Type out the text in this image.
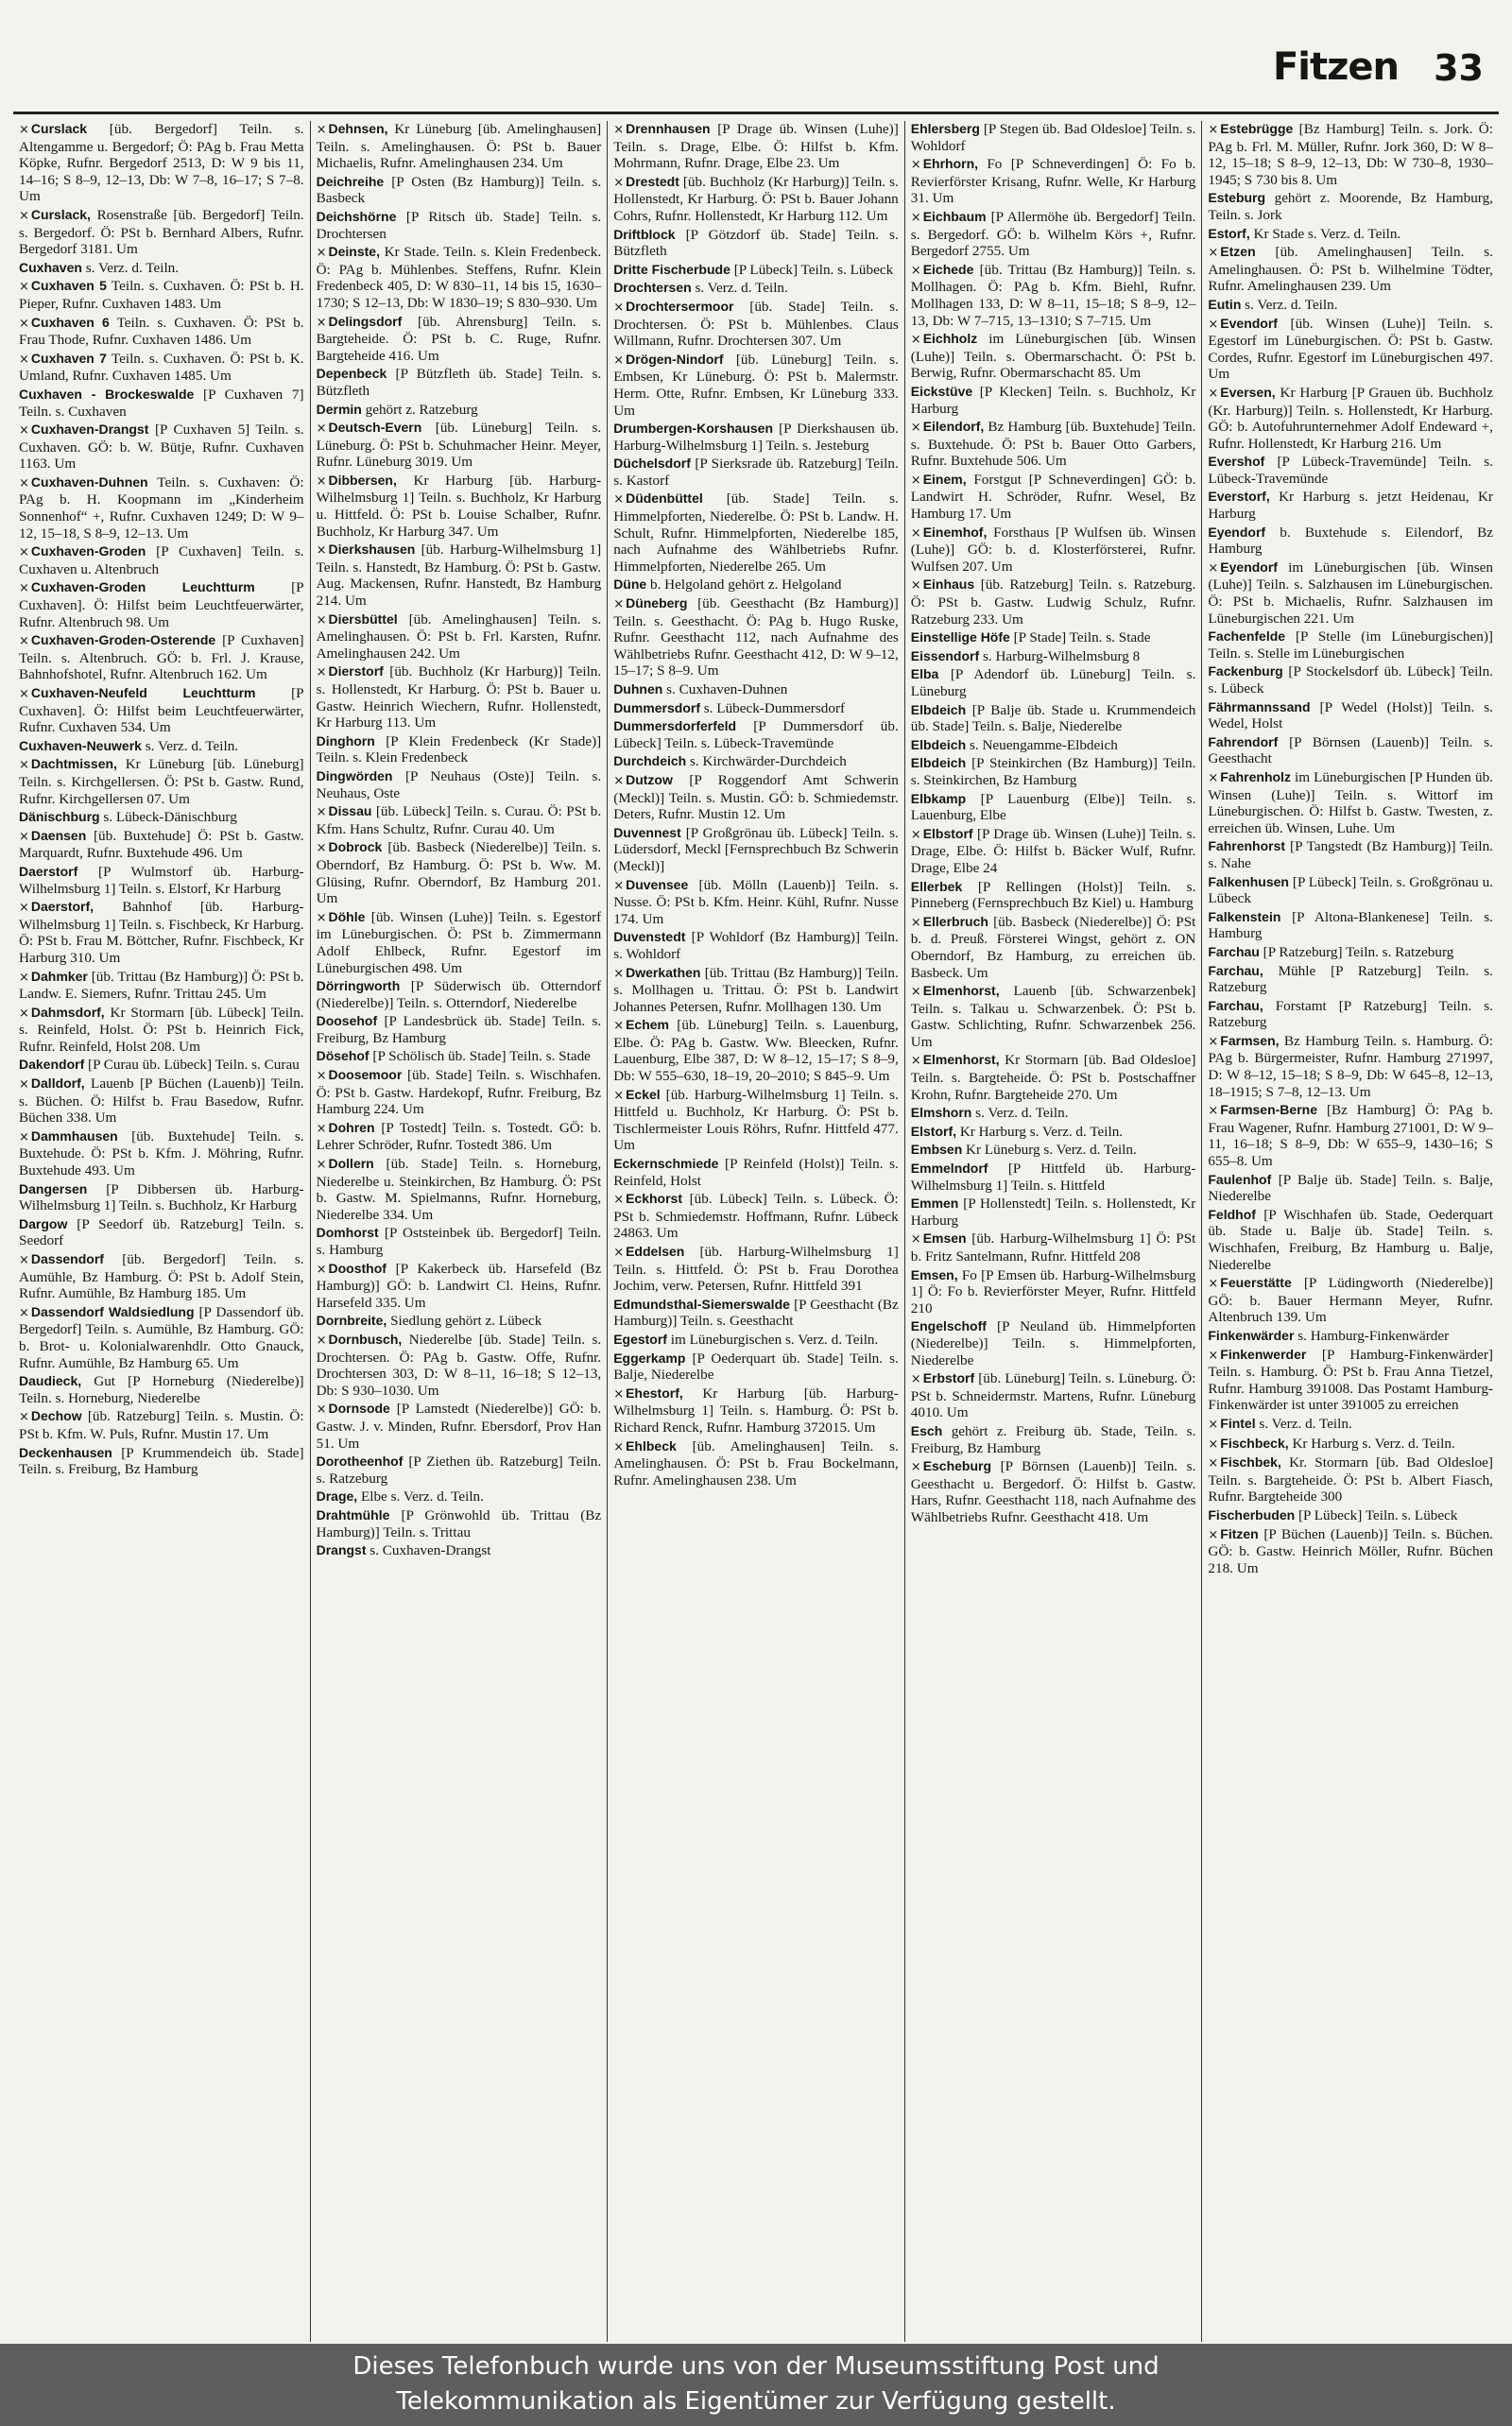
Fitzen 33

× Curslack [üb. Bergedorf] Teiln. s. Altengamme u. Bergedorf; Ö: PAg b. Frau Metta Köpke, Rufnr. Bergedorf 2513, D: W 9 bis 11, 14–16; S 8–9, 12–13, Db: W 7–8, 16–17; S 7–8. Um

× Curslack, Rosenstraße [üb. Bergedorf] Teiln. s. Bergedorf. Ö: PSt b. Bernhard Albers, Rufnr. Bergedorf 3181. Um

Cuxhaven s. Verz. d. Teiln.

× Cuxhaven 5 Teiln. s. Cuxhaven. Ö: PSt b. H. Pieper, Rufnr. Cuxhaven 1483. Um

× Cuxhaven 6 Teiln. s. Cuxhaven. Ö: PSt b. Frau Thode, Rufnr. Cuxhaven 1486. Um

× Cuxhaven 7 Teiln. s. Cuxhaven. Ö: PSt b. K. Umland, Rufnr. Cuxhaven 1485. Um

Cuxhaven - Brockeswalde [P Cuxhaven 7] Teiln. s. Cuxhaven

× Cuxhaven-Drangst [P Cuxhaven 5] Teiln. s. Cuxhaven. GÖ: b. W. Bütje, Rufnr. Cuxhaven 1163. Um

× Cuxhaven-Duhnen Teiln. s. Cuxhaven: Ö: PAg b. H. Koopmann im „Kinderheim Sonnenhof“ +, Rufnr. Cuxhaven 1249; D: W 9–12, 15–18, S 8–9, 12–13. Um

× Cuxhaven-Groden [P Cuxhaven] Teiln. s. Cuxhaven u. Altenbruch

× Cuxhaven-Groden Leuchtturm	[P Cuxhaven]. Ö: Hilfst beim Leuchtfeuerwärter, Rufnr. Altenbruch 98. Um

× Cuxhaven-Groden-Osterende [P Cuxhaven] Teiln. s. Altenbruch. GÖ: b. Frl. J. Krause, Bahnhofshotel, Rufnr. Altenbruch 162. Um

× Cuxhaven-Neufeld Leuchtturm [P Cuxhaven]. Ö: Hilfst beim Leuchtfeuerwärter, Rufnr. Cuxhaven 534. Um

Cuxhaven-Neuwerk s. Verz. d. Teiln.

× Dachtmissen, Kr Lüneburg [üb. Lüneburg] Teiln. s. Kirchgellersen. Ö: PSt b. Gastw. Rund, Rufnr. Kirchgellersen 07. Um

Dänischburg s. Lübeck-Dänischburg

× Daensen [üb. Buxtehude] Ö: PSt b. Gastw. Marquardt, Rufnr. Buxtehude 496. Um

Daerstorf [P Wulmstorf üb. Harburg-Wilhelmsburg 1] Teiln. s. Elstorf, Kr Harburg

× Daerstorf, Bahnhof [üb. Harburg-Wilhelmsburg 1] Teiln. s. Fischbeck, Kr Harburg. Ö: PSt b. Frau M. Böttcher, Rufnr. Fischbeck, Kr Harburg 310. Um

× Dahmker [üb. Trittau (Bz Hamburg)] Ö: PSt b. Landw. E. Siemers, Rufnr. Trittau 245. Um

× Dahmsdorf, Kr Stormarn [üb. Lübeck] Teiln. s. Reinfeld, Holst. Ö: PSt b. Heinrich Fick, Rufnr. Reinfeld, Holst 208. Um

Dakendorf [P Curau üb. Lübeck] Teiln. s. Curau

× Dalldorf, Lauenb [P Büchen (Lauenb)] Teiln. s. Büchen. Ö: Hilfst b. Frau Basedow, Rufnr. Büchen 338. Um

× Dammhausen [üb. Buxtehude] Teiln. s. Buxtehude. Ö: PSt b. Kfm. J. Möhring, Rufnr. Buxtehude 493. Um

Dangersen [P Dibbersen üb. Harburg-Wilhelmsburg 1] Teiln. s. Buchholz, Kr Harburg

Dargow [P Seedorf üb. Ratzeburg] Teiln. s. Seedorf

× Dassendorf [üb. Bergedorf] Teiln. s. Aumühle, Bz Hamburg. Ö: PSt b. Adolf Stein, Rufnr. Aumühle, Bz Hamburg 185. Um

× Dassendorf Waldsiedlung [P Dassendorf üb. Bergedorf] Teiln. s. Aumühle, Bz Hamburg. GÖ: b. Brot- u. Kolonialwarenhdlr. Otto Gnauck, Rufnr. Aumühle, Bz Hamburg 65. Um

Daudieck, Gut [P Horneburg (Niederelbe)] Teiln. s. Horneburg, Niederelbe

× Dechow [üb. Ratzeburg] Teiln. s. Mustin. Ö: PSt b. Kfm. W. Puls, Rufnr. Mustin 17. Um

Deckenhausen [P Krummendeich üb. Stade] Teiln. s. Freiburg, Bz Hamburg

× Dehnsen, Kr Lüneburg [üb. Amelinghausen] Teiln. s. Amelinghausen. Ö: PSt b. Bauer Michaelis, Rufnr. Amelinghausen 234. Um

Deichreihe [P Osten (Bz Hamburg)] Teiln. s. Basbeck

Deichshörne [P Ritsch üb. Stade] Teiln. s. Drochtersen

× Deinste, Kr Stade. Teiln. s. Klein Fredenbeck. Ö: PAg b. Mühlenbes. Steffens, Rufnr. Klein Fredenbeck 405, D: W 830–11, 14 bis 15, 1630–1730; S 12–13, Db: W 1830–19; S 830–930. Um

× Delingsdorf [üb. Ahrensburg] Teiln. s. Bargteheide. Ö: PSt b. C. Ruge, Rufnr. Bargteheide 416. Um

Depenbeck [P Bützfleth üb. Stade] Teiln. s. Bützfleth

Dermin gehört z. Ratzeburg

× Deutsch-Evern [üb. Lüneburg] Teiln. s. Lüneburg. Ö: PSt b. Schuhmacher Heinr. Meyer, Rufnr. Lüneburg 3019. Um

× Dibbersen, Kr Harburg [üb. Harburg-Wilhelmsburg 1] Teiln. s. Buchholz, Kr Harburg u. Hittfeld. Ö: PSt b. Louise Schalber, Rufnr. Buchholz, Kr Harburg 347. Um

× Dierkshausen [üb. Harburg-Wilhelmsburg 1] Teiln. s. Hanstedt, Bz Hamburg. Ö: PSt b. Gastw. Aug. Mackensen, Rufnr. Hanstedt, Bz Hamburg 214. Um

× Diersbüttel [üb. Amelinghausen] Teiln. s. Amelinghausen. Ö: PSt b. Frl. Karsten, Rufnr. Amelinghausen 242. Um

× Dierstorf [üb. Buchholz (Kr Harburg)] Teiln. s. Hollenstedt, Kr Harburg. Ö: PSt b. Bauer u. Gastw. Heinrich Wiechern, Rufnr. Hollenstedt, Kr Harburg 113. Um

Dinghorn [P Klein Fredenbeck (Kr Stade)] Teiln. s. Klein Fredenbeck

Dingwörden [P Neuhaus (Oste)] Teiln. s. Neuhaus, Oste

× Dissau [üb. Lübeck] Teiln. s. Curau. Ö: PSt b. Kfm. Hans Schultz, Rufnr. Curau 40. Um

× Dobrock [üb. Basbeck (Niederelbe)] Teiln. s. Oberndorf, Bz Hamburg. Ö: PSt b. Ww. M. Glüsing, Rufnr. Oberndorf, Bz Hamburg 201. Um

× Döhle [üb. Winsen (Luhe)] Teiln. s. Egestorf im Lüneburgischen. Ö: PSt b. Zimmermann Adolf Ehlbeck, Rufnr. Egestorf im Lüneburgischen 498. Um

Dörringworth [P Süderwisch üb. Otterndorf (Niederelbe)] Teiln. s. Otterndorf, Niederelbe

Doosehof [P Landesbrück üb. Stade] Teiln. s. Freiburg, Bz Hamburg

Dösehof [P Schölisch üb. Stade] Teiln. s. Stade

× Doosemoor [üb. Stade] Teiln. s. Wischhafen. Ö: PSt b. Gastw. Hardekopf, Rufnr. Freiburg, Bz Hamburg 224. Um

× Dohren [P Tostedt] Teiln. s. Tostedt. GÖ: b. Lehrer Schröder, Rufnr. Tostedt 386. Um

× Dollern [üb. Stade] Teiln. s. Horneburg, Niederelbe u. Steinkirchen, Bz Hamburg. Ö: PSt b. Gastw. M. Spielmanns, Rufnr. Horneburg, Niederelbe 334. Um

Domhorst [P Oststeinbek üb. Bergedorf] Teiln. s. Hamburg

× Doosthof [P Kakerbeck üb. Harsefeld (Bz Hamburg)] GÖ: b. Landwirt Cl. Heins, Rufnr. Harsefeld 335. Um

Dornbreite, Siedlung gehört z. Lübeck

× Dornbusch, Niederelbe [üb. Stade] Teiln. s. Drochtersen. Ö: PAg b. Gastw. Offe, Rufnr. Drochtersen 303, D: W 8–11, 16–18; S 12–13, Db: S 930–1030. Um

× Dornsode [P Lamstedt (Niederelbe)] GÖ: b. Gastw. J. v. Minden, Rufnr. Ebersdorf, Prov Han 51. Um

Dorotheenhof [P Ziethen üb. Ratzeburg] Teiln. s. Ratzeburg

Drage, Elbe s. Verz. d. Teiln.

Drahtmühle [P Grönwohld üb. Trittau (Bz Hamburg)] Teiln. s. Trittau

Drangst s. Cuxhaven-Drangst

× Drennhausen [P Drage üb. Winsen (Luhe)] Teiln. s. Drage, Elbe. Ö: Hilfst b. Kfm. Mohrmann, Rufnr. Drage, Elbe 23. Um

× Drestedt [üb. Buchholz (Kr Harburg)] Teiln. s. Hollenstedt, Kr Harburg. Ö: PSt b. Bauer Johann Cohrs, Rufnr. Hollenstedt, Kr Harburg 112. Um

Driftblock [P Götzdorf üb. Stade] Teiln. s. Bützfleth

Dritte Fischerbude [P Lübeck] Teiln. s. Lübeck

Drochtersen s. Verz. d. Teiln.

× Drochtersermoor [üb. Stade] Teiln. s. Drochtersen. Ö: PSt b. Mühlenbes. Claus Willmann, Rufnr. Drochtersen 307. Um

× Drögen-Nindorf [üb. Lüneburg] Teiln. s. Embsen, Kr Lüneburg. Ö: PSt b. Malermstr. Herm. Otte, Rufnr. Embsen, Kr Lüneburg 333. Um

Drumbergen-Korshausen [P Dierkshausen üb. Harburg-Wilhelmsburg 1] Teiln. s. Jesteburg

Düchelsdorf [P Sierksrade üb. Ratzeburg] Teiln. s. Kastorf

× Düdenbüttel [üb. Stade] Teiln. s. Himmelpforten, Niederelbe. Ö: PSt b. Landw. H. Schult, Rufnr. Himmelpforten, Niederelbe 185, nach Aufnahme des Wählbetriebs Rufnr. Himmelpforten, Niederelbe 265. Um

Düne b. Helgoland gehört z. Helgoland

× Düneberg [üb. Geesthacht (Bz Hamburg)] Teiln. s. Geesthacht. Ö: PAg b. Hugo Ruske, Rufnr. Geesthacht 112, nach Aufnahme des Wählbetriebs Rufnr. Geesthacht 412, D: W 9–12, 15–17; S 8–9. Um

Duhnen s. Cuxhaven-Duhnen

Dummersdorf s. Lübeck-Dummersdorf

Dummersdorferfeld [P Dummersdorf üb. Lübeck] Teiln. s. Lübeck-Travemünde

Durchdeich s. Kirchwärder-Durchdeich

× Dutzow [P Roggendorf Amt Schwerin (Meckl)] Teiln. s. Mustin. GÖ: b. Schmiedemstr. Deters, Rufnr. Mustin 12. Um

Duvennest [P Großgrönau üb. Lübeck] Teiln. s. Lüdersdorf, Meckl [Fernsprechbuch Bz Schwerin (Meckl)]

× Duvensee [üb. Mölln (Lauenb)] Teiln. s. Nusse. Ö: PSt b. Kfm. Heinr. Kühl, Rufnr. Nusse 174. Um

Duvenstedt [P Wohldorf (Bz Hamburg)] Teiln. s. Wohldorf

× Dwerkathen [üb. Trittau (Bz Hamburg)] Teiln. s. Mollhagen u. Trittau. Ö: PSt b. Landwirt Johannes Petersen, Rufnr. Mollhagen 130. Um

× Echem [üb. Lüneburg] Teiln. s. Lauenburg, Elbe. Ö: PAg b. Gastw. Ww. Bleecken, Rufnr. Lauenburg, Elbe 387, D: W 8–12, 15–17; S 8–9, Db: W 555–630, 18–19, 20–2010; S 845–9. Um

× Eckel [üb. Harburg-Wilhelmsburg 1] Teiln. s. Hittfeld u. Buchholz, Kr Harburg. Ö: PSt b. Tischlermeister Louis Röhrs, Rufnr. Hittfeld 477. Um

Eckernschmiede [P Reinfeld (Holst)] Teiln. s. Reinfeld, Holst

× Eckhorst [üb. Lübeck] Teiln. s. Lübeck. Ö: PSt b. Schmiedemstr. Hoffmann, Rufnr. Lübeck 24863. Um

× Eddelsen [üb. Harburg-Wilhelmsburg 1] Teiln. s. Hittfeld. Ö: PSt b. Frau Dorothea Jochim, verw. Petersen, Rufnr. Hittfeld 391

Edmundsthal-Siemerswalde [P Geesthacht (Bz Hamburg)] Teiln. s. Geesthacht

Egestorf im Lüneburgischen s. Verz. d. Teiln.

Eggerkamp [P Oederquart üb. Stade] Teiln. s. Balje, Niederelbe

× Ehestorf, Kr Harburg [üb. Harburg-Wilhelmsburg 1] Teiln. s. Hamburg. Ö: PSt b. Richard Renck, Rufnr. Hamburg 372015. Um

× Ehlbeck [üb. Amelinghausen] Teiln. s. Amelinghausen. Ö: PSt b. Frau Bockelmann, Rufnr. Amelinghausen 238. Um

Ehlersberg [P Stegen üb. Bad Oldesloe] Teiln. s. Wohldorf

× Ehrhorn, Fo [P Schneverdingen] Ö: Fo b. Revierförster Krisang, Rufnr. Welle, Kr Harburg 31. Um

× Eichbaum [P Allermöhe üb. Bergedorf] Teiln. s. Bergedorf. GÖ: b. Wilhelm Körs +, Rufnr. Bergedorf 2755. Um

× Eichede [üb. Trittau (Bz Hamburg)] Teiln. s. Mollhagen. Ö: PAg b. Kfm. Biehl, Rufnr. Mollhagen 133, D: W 8–11, 15–18; S 8–9, 12–13, Db: W 7–715, 13–1310; S 7–715. Um

× Eichholz im Lüneburgischen [üb. Winsen (Luhe)] Teiln. s. Obermarschacht. Ö: PSt b. Berwig, Rufnr. Obermarschacht 85. Um

Eickstüve [P Klecken] Teiln. s. Buchholz, Kr Harburg

× Eilendorf, Bz Hamburg [üb. Buxtehude] Teiln. s. Buxtehude. Ö: PSt b. Bauer Otto Garbers, Rufnr. Buxtehude 506. Um

× Einem, Forstgut [P Schneverdingen] GÖ: b. Landwirt H. Schröder, Rufnr. Wesel, Bz Hamburg 17. Um

× Einemhof, Forsthaus [P Wulfsen üb. Winsen (Luhe)] GÖ: b. d. Klosterförsterei, Rufnr. Wulfsen 207. Um

× Einhaus [üb. Ratzeburg] Teiln. s. Ratzeburg. Ö: PSt b. Gastw. Ludwig Schulz, Rufnr. Ratzeburg 233. Um

Einstellige Höfe [P Stade] Teiln. s. Stade

Eissendorf s. Harburg-Wilhelmsburg 8

Elba [P Adendorf üb. Lüneburg] Teiln. s. Lüneburg

Elbdeich [P Balje üb. Stade u. Krummendeich üb. Stade] Teiln. s. Balje, Niederelbe

Elbdeich s. Neuengamme-Elbdeich

Elbdeich [P Steinkirchen (Bz Hamburg)] Teiln. s. Steinkirchen, Bz Hamburg

Elbkamp [P Lauenburg (Elbe)] Teiln. s. Lauenburg, Elbe

× Elbstorf [P Drage üb. Winsen (Luhe)] Teiln. s. Drage, Elbe. Ö: Hilfst b. Bäcker Wulf, Rufnr. Drage, Elbe 24

Ellerbek [P Rellingen (Holst)] Teiln. s. Pinneberg (Fernsprechbuch Bz Kiel) u. Hamburg

× Ellerbruch [üb. Basbeck (Niederelbe)] Ö: PSt b. d. Preuß. Försterei Wingst, gehört z. ON Oberndorf, Bz Hamburg, zu erreichen üb. Basbeck. Um

× Elmenhorst, Lauenb [üb. Schwarzenbek] Teiln. s. Talkau u. Schwarzenbek. Ö: PSt b. Gastw. Schlichting, Rufnr. Schwarzenbek 256. Um

× Elmenhorst, Kr Stormarn [üb. Bad Oldesloe] Teiln. s. Bargteheide. Ö: PSt b. Postschaffner Krohn, Rufnr. Bargteheide 270. Um

Elmshorn s. Verz. d. Teiln.

Elstorf, Kr Harburg s. Verz. d. Teiln.

Embsen Kr Lüneburg s. Verz. d. Teiln.

Emmelndorf [P Hittfeld üb. Harburg-Wilhelmsburg 1] Teiln. s. Hittfeld

Emmen [P Hollenstedt] Teiln. s. Hollenstedt, Kr Harburg

× Emsen [üb. Harburg-Wilhelmsburg 1] Ö: PSt b. Fritz Santelmann, Rufnr. Hittfeld 208

Emsen, Fo [P Emsen üb. Harburg-Wilhelmsburg 1] Ö: Fo b. Revierförster Meyer, Rufnr. Hittfeld 210

Engelschoff [P Neuland üb. Himmelpforten (Niederelbe)] Teiln. s. Himmelpforten, Niederelbe

× Erbstorf [üb. Lüneburg] Teiln. s. Lüneburg. Ö: PSt b. Schneidermstr. Martens, Rufnr. Lüneburg 4010. Um

Esch gehört z. Freiburg üb. Stade, Teiln. s. Freiburg, Bz Hamburg

× Escheburg [P Börnsen (Lauenb)] Teiln. s. Geesthacht u. Bergedorf. Ö: Hilfst b. Gastw. Hars, Rufnr. Geesthacht 118, nach Aufnahme des Wählbetriebs Rufnr. Geesthacht 418. Um

× Estebrügge [Bz Hamburg] Teiln. s. Jork. Ö: PAg b. Frl. M. Müller, Rufnr. Jork 360, D: W 8–12, 15–18; S 8–9, 12–13, Db: W 730–8, 1930–1945; S 730 bis 8. Um

Esteburg gehört z. Moorende, Bz Hamburg, Teiln. s. Jork

Estorf, Kr Stade s. Verz. d. Teiln.

× Etzen [üb. Amelinghausen] Teiln. s. Amelinghausen. Ö: PSt b. Wilhelmine Tödter, Rufnr. Amelinghausen 239. Um

Eutin s. Verz. d. Teiln.

× Evendorf [üb. Winsen (Luhe)] Teiln. s. Egestorf im Lüneburgischen. Ö: PSt b. Gastw. Cordes, Rufnr. Egestorf im Lüneburgischen 497. Um

× Eversen, Kr Harburg [P Grauen üb. Buchholz (Kr. Harburg)] Teiln. s. Hollenstedt, Kr Harburg. GÖ: b. Autofuhrunternehmer Adolf Endeward +, Rufnr. Hollenstedt, Kr Harburg 216. Um

Evershof [P Lübeck-Travemünde] Teiln. s. Lübeck-Travemünde

Everstorf, Kr Harburg s. jetzt Heidenau, Kr Harburg

Eyendorf b. Buxtehude s. Eilendorf, Bz Hamburg

× Eyendorf im Lüneburgischen [üb. Winsen (Luhe)] Teiln. s. Salzhausen im Lüneburgischen. Ö: PSt b. Michaelis, Rufnr. Salzhausen im Lüneburgischen 221. Um

Fachenfelde [P Stelle (im Lüneburgischen)] Teiln. s. Stelle im Lüneburgischen

Fackenburg [P Stockelsdorf üb. Lübeck] Teiln. s. Lübeck

Fährmannssand [P Wedel (Holst)] Teiln. s. Wedel, Holst

Fahrendorf [P Börnsen (Lauenb)] Teiln. s. Geesthacht

× Fahrenholz im Lüneburgischen [P Hunden üb. Winsen (Luhe)] Teiln. s. Wittorf im Lüneburgischen. Ö: Hilfst b. Gastw. Twesten, z. erreichen üb. Winsen, Luhe. Um

Fahrenhorst [P Tangstedt (Bz Hamburg)] Teiln. s. Nahe

Falkenhusen [P Lübeck] Teiln. s. Großgrönau u. Lübeck

Falkenstein [P Altona-Blankenese] Teiln. s. Hamburg

Farchau [P Ratzeburg] Teiln. s. Ratzeburg

Farchau, Mühle [P Ratzeburg] Teiln. s. Ratzeburg

Farchau, Forstamt [P Ratzeburg] Teiln. s. Ratzeburg

× Farmsen, Bz Hamburg Teiln. s. Hamburg. Ö: PAg b. Bürgermeister, Rufnr. Hamburg 271997, D: W 8–12, 15–18; S 8–9, Db: W 645–8, 12–13, 18–1915; S 7–8, 12–13. Um

× Farmsen-Berne [Bz Hamburg] Ö: PAg b. Frau Wagener, Rufnr. Hamburg 271001, D: W 9–11, 16–18; S 8–9, Db: W 655–9, 1430–16; S 655–8. Um

Faulenhof [P Balje üb. Stade] Teiln. s. Balje, Niederelbe

Feldhof [P Wischhafen üb. Stade, Oederquart üb. Stade u. Balje üb. Stade] Teiln. s. Wischhafen, Freiburg, Bz Hamburg u. Balje, Niederelbe

× Feuerstätte [P Lüdingworth (Niederelbe)] GÖ: b. Bauer Hermann Meyer, Rufnr. Altenbruch 139. Um

Finkenwärder s. Hamburg-Finkenwärder

× Finkenwerder [P Hamburg-Finkenwärder] Teiln. s. Hamburg. Ö: PSt b. Frau Anna Tietzel, Rufnr. Hamburg 391008. Das Postamt Hamburg-Finkenwärder ist unter 391005 zu erreichen

× Fintel s. Verz. d. Teiln.

× Fischbeck, Kr Harburg s. Verz. d. Teiln.

× Fischbek, Kr. Stormarn [üb. Bad Oldesloe] Teiln. s. Bargteheide. Ö: PSt b. Albert Fiasch, Rufnr. Bargteheide 300

Fischerbuden [P Lübeck] Teiln. s. Lübeck

× Fitzen [P Büchen (Lauenb)] Teiln. s. Büchen. GÖ: b. Gastw. Heinrich Möller, Rufnr. Büchen 218. Um

Dieses Telefonbuch wurde uns von der Museumsstiftung Post und
Telekommunikation als Eigentümer zur Verfügung gestellt.
